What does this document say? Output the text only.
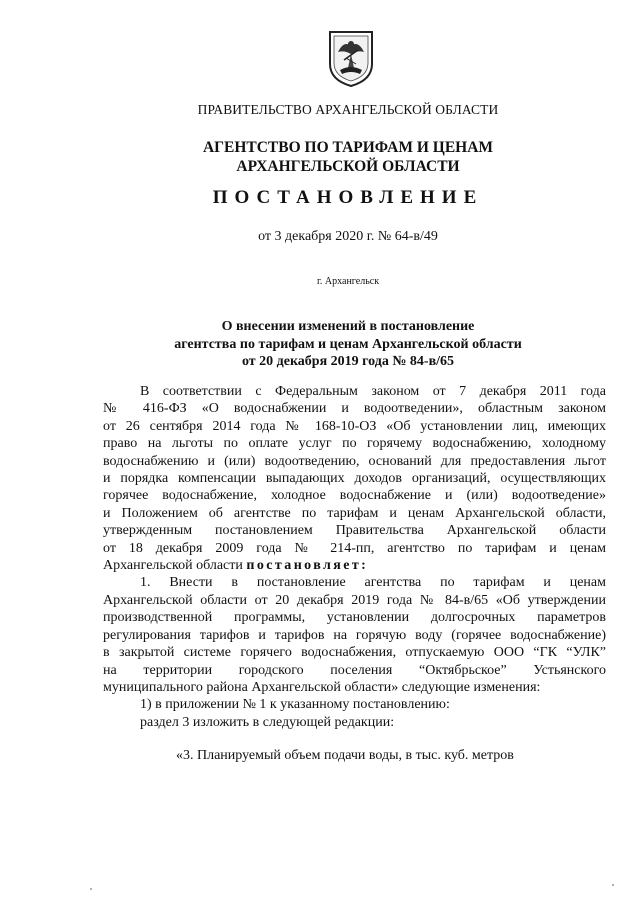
ПРАВИТЕЛЬСТВО АРХАНГЕЛЬСКОЙ ОБЛАСТИ
АГЕНТСТВО ПО ТАРИФАМ И ЦЕНАМ
АРХАНГЕЛЬСКОЙ ОБЛАСТИ
ПОСТАНОВЛЕНИЕ
от 3 декабря 2020 г. № 64-в/49
г. Архангельск
О внесении изменений в постановление
агентства по тарифам и ценам Архангельской области
от 20 декабря 2019 года № 84-в/65

В соответствии с Федеральным законом от 7 декабря 2011 года

№ 416-ФЗ «О водоснабжении и водоотведении», областным законом

от 26 сентября 2014 года № 168-10-ОЗ «Об установлении лиц, имеющих

право на льготы по оплате услуг по горячему водоснабжению, холодному

водоснабжению и (или) водоотведению, оснований для предоставления льгот

и порядка компенсации выпадающих доходов организаций, осуществляющих

горячее водоснабжение, холодное водоснабжение и (или) водоотведение»

и Положением об агентстве по тарифам и ценам Архангельской области,

утвержденным постановлением Правительства Архангельской области

от 18 декабря 2009 года № 214-пп, агентство по тарифам и ценам

Архангельской области постановляет:

1. Внести в постановление агентства по тарифам и ценам

Архангельской области от 20 декабря 2019 года № 84-в/65 «Об утверждении

производственной программы, установлении долгосрочных параметров

регулирования тарифов и тарифов на горячую воду (горячее водоснабжение)

в закрытой системе горячего водоснабжения, отпускаемую ООО “ГК “УЛК”

на территории городского поселения “Октябрьское” Устьянского

муниципального района Архангельской области» следующие изменения:

1) в приложении № 1 к указанному постановлению:

раздел 3 изложить в следующей редакции:

«3. Планируемый объем подачи воды, в тыс. куб. метров
